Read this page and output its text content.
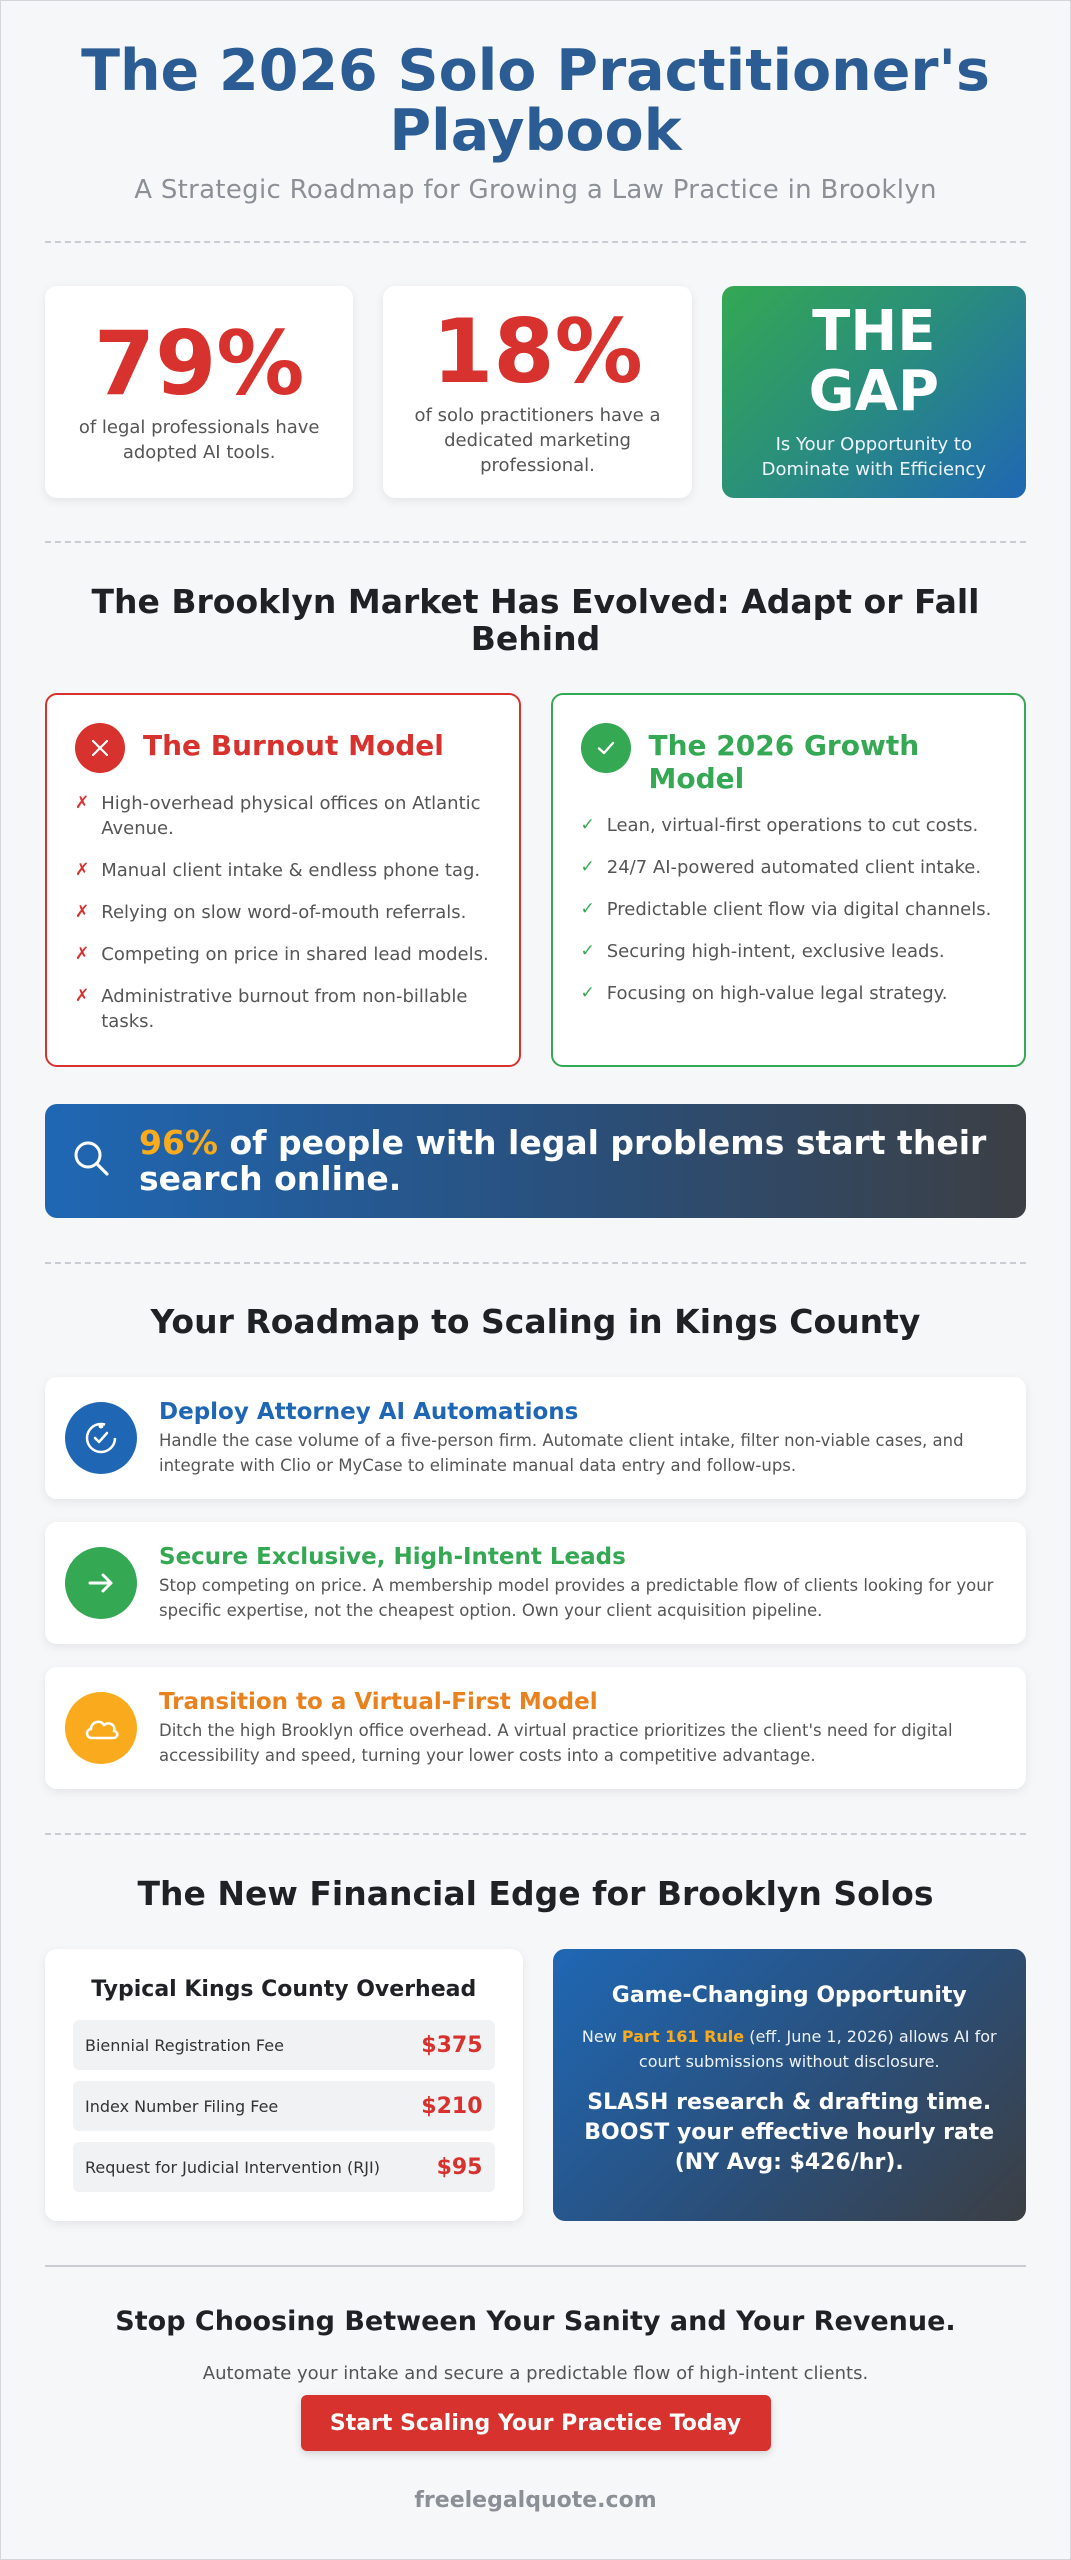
The 2026 Solo Practitioner's Playbook

A Strategic Roadmap for Growing a Law Practice in Brooklyn

79%
of legal professionals have adopted AI tools.
18%
of solo practitioners have a dedicated marketing professional.
THE GAP
Is Your Opportunity to Dominate with Efficiency
The Brooklyn Market Has Evolved: Adapt or Fall Behind
The Burnout Model
✗ High-overhead physical offices on Atlantic Avenue.
✗ Manual client intake & endless phone tag.
✗ Relying on slow word-of-mouth referrals.
✗ Competing on price in shared lead models.
✗ Administrative burnout from non-billable tasks.
The 2026 Growth Model
✓ Lean, virtual-first operations to cut costs.
✓ 24/7 AI-powered automated client intake.
✓ Predictable client flow via digital channels.
✓ Securing high-intent, exclusive leads.
✓ Focusing on high-value legal strategy.
96% of people with legal problems start their search online.
Your Roadmap to Scaling in Kings County
Deploy Attorney AI Automations
Handle the case volume of a five-person firm. Automate client intake, filter non-viable cases, and integrate with Clio or MyCase to eliminate manual data entry and follow-ups.
Secure Exclusive, High-Intent Leads
Stop competing on price. A membership model provides a predictable flow of clients looking for your specific expertise, not the cheapest option. Own your client acquisition pipeline.
Transition to a Virtual-First Model
Ditch the high Brooklyn office overhead. A virtual practice prioritizes the client's need for digital accessibility and speed, turning your lower costs into a competitive advantage.
The New Financial Edge for Brooklyn Solos
Typical Kings County Overhead
Biennial Registration Fee	$375
Index Number Filing Fee	$210
Request for Judicial Intervention (RJI)	$95
Game-Changing Opportunity

New Part 161 Rule (eff. June 1, 2026) allows AI for court submissions without disclosure.

SLASH research & drafting time. BOOST your effective hourly rate (NY Avg: $426/hr).

Stop Choosing Between Your Sanity and Your Revenue.

Automate your intake and secure a predictable flow of high-intent clients.

Start Scaling Your Practice Today
freelegalquote.com
